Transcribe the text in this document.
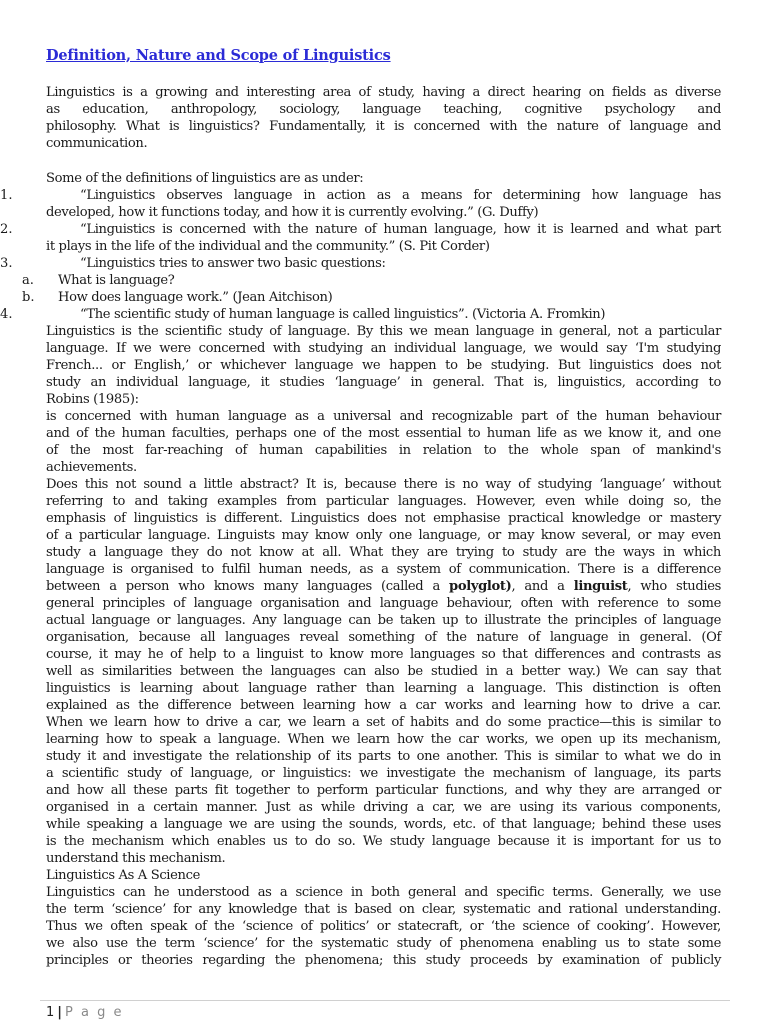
Definition, Nature and Scope of Linguistics
Linguistics is a growing and interesting area of study, having a direct hearing on fields as diverse
as education, anthropology, sociology, language teaching, cognitive psychology and
philosophy. What is linguistics? Fundamentally, it is concerned with the nature of language and
communication.
Some of the definitions of linguistics are as under:
1.	“Linguistics observes language in action as a means for determining how language has
developed, how it functions today, and how it is currently evolving.” (G. Duffy)
2.	“Linguistics is concerned with the nature of human language, how it is learned and what part
it plays in the life of the individual and the community.” (S. Pit Corder)
3.	“Linguistics tries to answer two basic questions:
a. What is language?
b. How does language work.” (Jean Aitchison)
4.	“The scientific study of human language is called linguistics”. (Victoria A. Fromkin)
Linguistics is the scientific study of language. By this we mean language in general, not a particular
language. If we were concerned with studying an individual language, we would say ‘I'm studying
French... or English,’ or whichever language we happen to be studying. But linguistics does not
study an individual language, it studies ‘language’ in general. That is, linguistics, according to
Robins (1985):
is concerned with human language as a universal and recognizable part of the human behaviour
and of the human faculties, perhaps one of the most essential to human life as we know it, and one
of the most far-reaching of human capabilities in relation to the whole span of mankind's
achievements.
Does this not sound a little abstract? It is, because there is no way of studying ‘language’ without
referring to and taking examples from particular languages. However, even while doing so, the
emphasis of linguistics is different. Linguistics does not emphasise practical knowledge or mastery
of a particular language. Linguists may know only one language, or may know several, or may even
study a language they do not know at all. What they are trying to study are the ways in which
language is organised to fulfil human needs, as a system of communication. There is a difference
between a person who knows many languages (called a polyglot), and a linguist, who studies
general principles of language organisation and language behaviour, often with reference to some
actual language or languages. Any language can be taken up to illustrate the principles of language
organisation, because all languages reveal something of the nature of language in general. (Of
course, it may he of help to a linguist to know more languages so that differences and contrasts as
well as similarities between the languages can also be studied in a better way.) We can say that
linguistics is learning about language rather than learning a language. This distinction is often
explained as the difference between learning how a car works and learning how to drive a car.
When we learn how to drive a car, we learn a set of habits and do some practice—this is similar to
learning how to speak a language. When we learn how the car works, we open up its mechanism,
study it and investigate the relationship of its parts to one another. This is similar to what we do in
a scientific study of language, or linguistics: we investigate the mechanism of language, its parts
and how all these parts fit together to perform particular functions, and why they are arranged or
organised in a certain manner. Just as while driving a car, we are using its various components,
while speaking a language we are using the sounds, words, etc. of that language; behind these uses
is the mechanism which enables us to do so. We study language because it is important for us to
understand this mechanism.
Linguistics As A Science
Linguistics can he understood as a science in both general and specific terms. Generally, we use
the term ‘science’ for any knowledge that is based on clear, systematic and rational understanding.
Thus we often speak of the ‘science of politics’ or statecraft, or ‘the science of cooking’. However,
we also use the term ‘science’ for the systematic study of phenomena enabling us to state some
principles or theories regarding the phenomena; this study proceeds by examination of publicly
1 | P a g e
